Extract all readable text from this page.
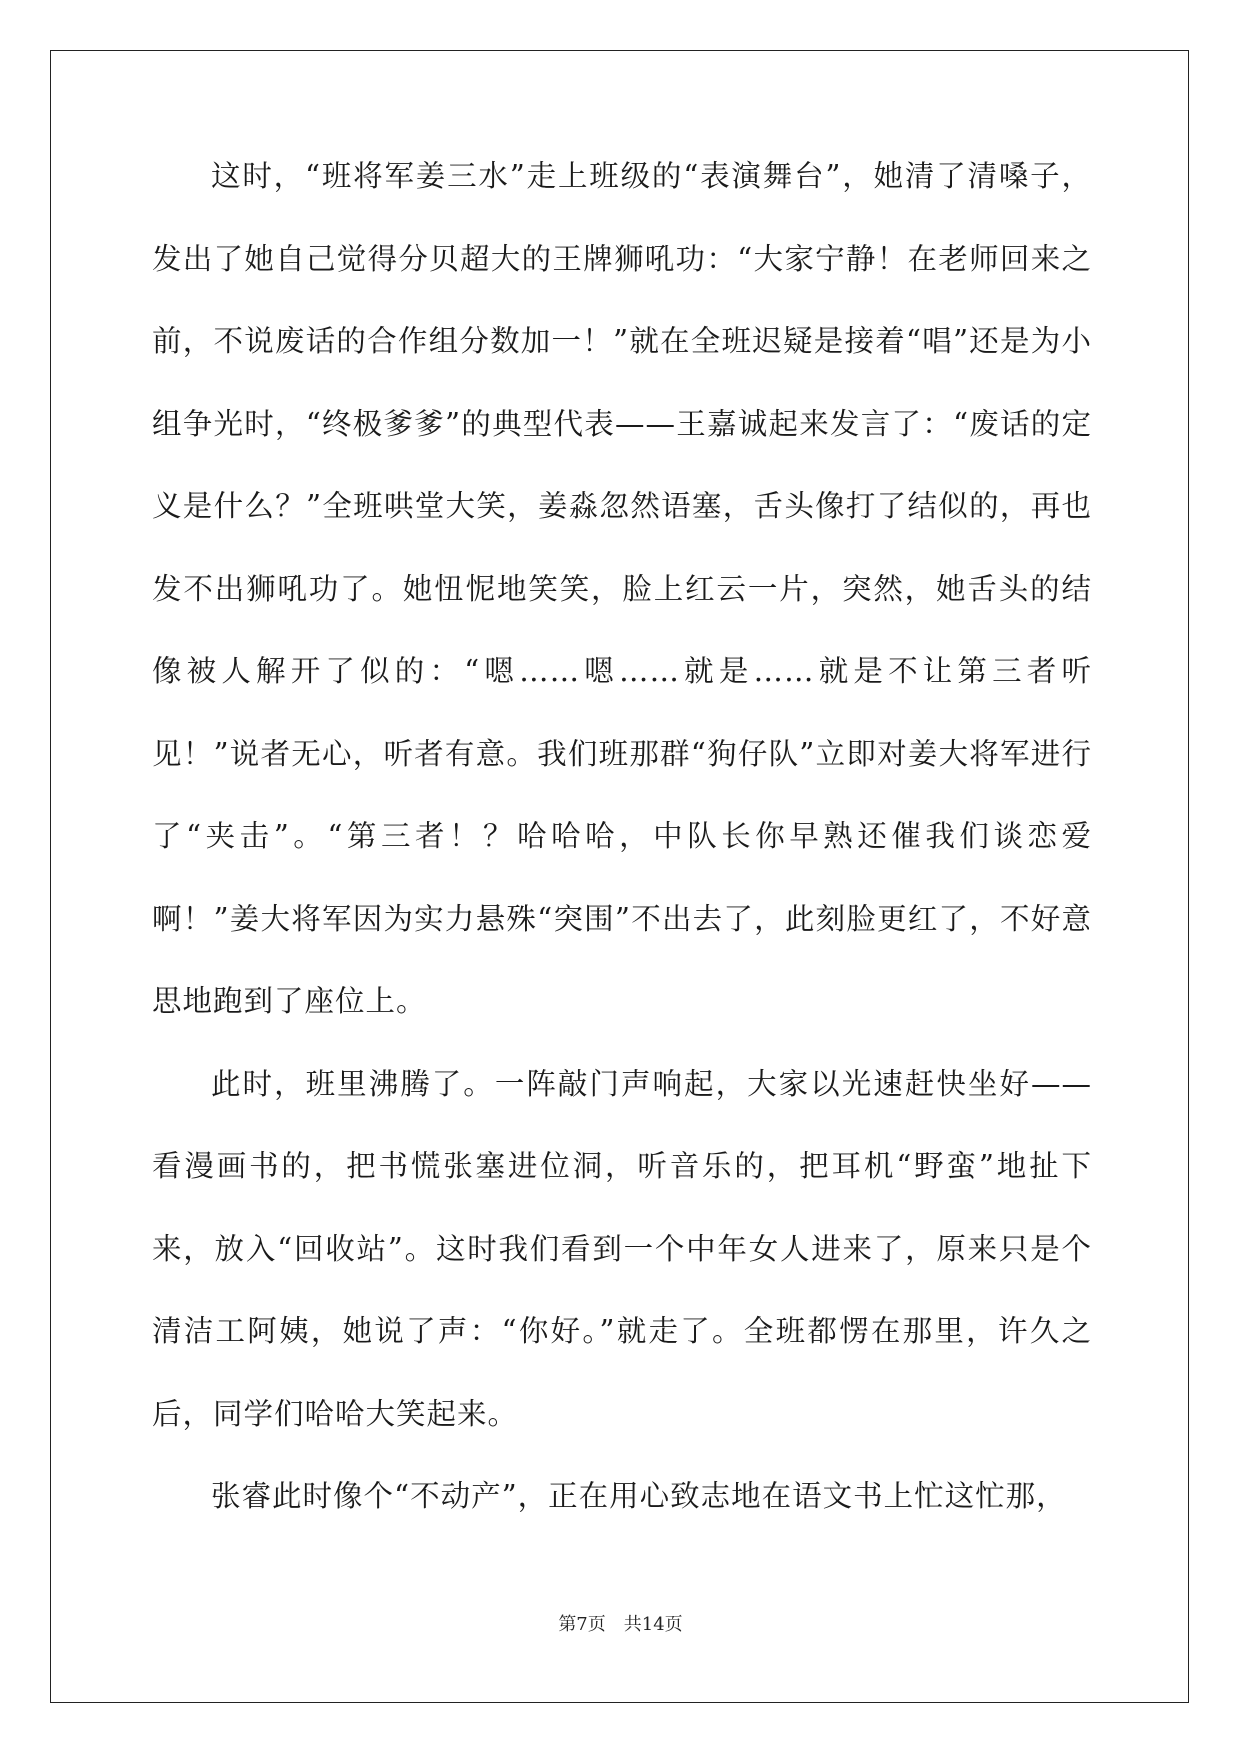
这时，“班将军姜三水”走上班级的“表演舞台”，她清了清嗓子，发出了她自己觉得分贝超大的王牌狮吼功：“大家宁静！在老师回来之前，不说废话的合作组分数加一！”就在全班迟疑是接着“唱”还是为小组争光时，“终极爹爹”的典型代表——王嘉诚起来发言了：“废话的定义是什么？”全班哄堂大笑，姜淼忽然语塞，舌头像打了结似的，再也发不出狮吼功了。她忸怩地笑笑，脸上红云一片，突然，她舌头的结像被人解开了似的：“嗯……嗯……就是……就是不让第三者听见！”说者无心，听者有意。我们班那群“狗仔队”立即对姜大将军进行了“夹击”。“第三者！？哈哈哈，中队长你早熟还催我们谈恋爱啊！”姜大将军因为实力悬殊“突围”不出去了，此刻脸更红了，不好意思地跑到了座位上。

此时，班里沸腾了。一阵敲门声响起，大家以光速赶快坐好——看漫画书的，把书慌张塞进位洞，听音乐的，把耳机“野蛮”地扯下来，放入“回收站”。这时我们看到一个中年女人进来了，原来只是个清洁工阿姨，她说了声：“你好。”就走了。全班都愣在那里，许久之后，同学们哈哈大笑起来。

张睿此时像个“不动产”，正在用心致志地在语文书上忙这忙那，

第7页　共14页
